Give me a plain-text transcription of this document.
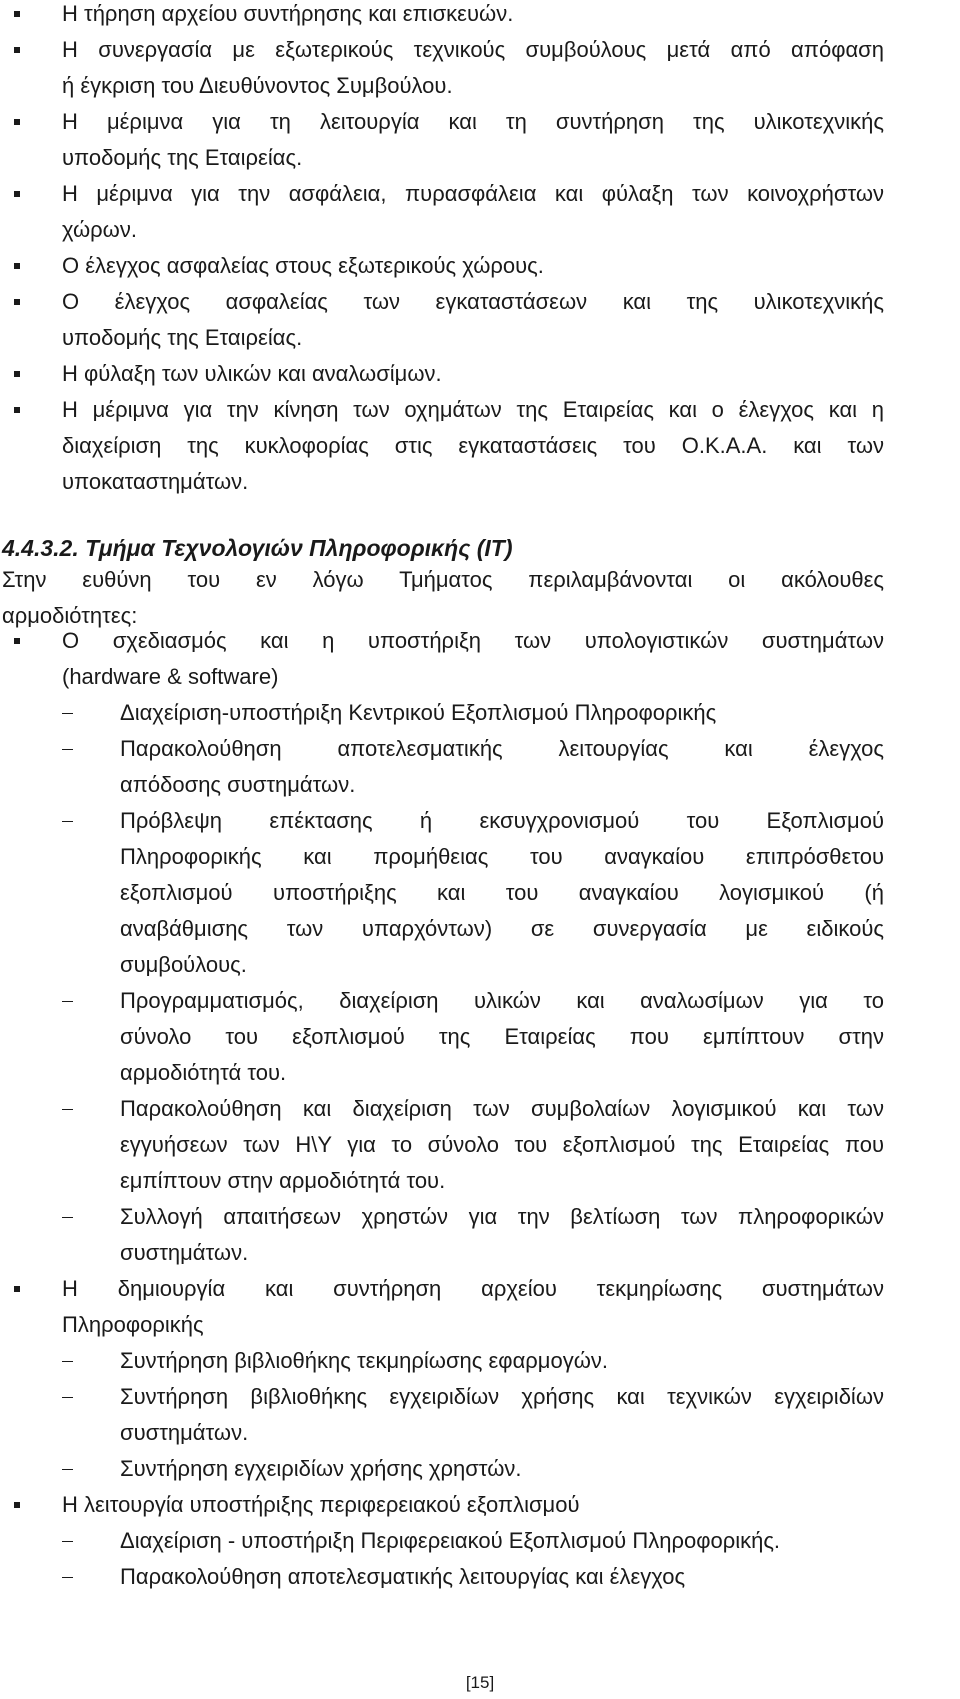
Η τήρηση αρχείου συντήρησης και επισκευών.
Η συνεργασία με εξωτερικούς τεχνικούς συμβούλους μετά από απόφαση
ή έγκριση του Διευθύνοντος Συμβούλου.
Η μέριμνα για τη λειτουργία και τη συντήρηση της υλικοτεχνικής
υποδομής της Εταιρείας.
Η μέριμνα για την ασφάλεια, πυρασφάλεια και φύλαξη των κοινοχρήστων
χώρων.
Ο έλεγχος ασφαλείας στους εξωτερικούς χώρους.
Ο έλεγχος ασφαλείας των εγκαταστάσεων και της υλικοτεχνικής
υποδομής της Εταιρείας.
Η φύλαξη των υλικών και αναλωσίμων.
Η μέριμνα για την κίνηση των οχημάτων της Εταιρείας και ο έλεγχος και η
διαχείριση της κυκλοφορίας στις εγκαταστάσεις του Ο.Κ.Α.Α. και των
υποκαταστημάτων.
4.4.3.2. Τμήμα Τεχνολογιών Πληροφορικής (IT)
Στην ευθύνη του εν λόγω Τμήματος περιλαμβάνονται οι ακόλουθες
αρμοδιότητες:
Ο σχεδιασμός και η υποστήριξη των υπολογιστικών συστημάτων
(hardware & software)
Διαχείριση-υποστήριξη Κεντρικού Εξοπλισμού Πληροφορικής
Παρακολούθηση αποτελεσματικής λειτουργίας και έλεγχος
απόδοσης συστημάτων.
Πρόβλεψη επέκτασης ή εκσυγχρονισμού του Εξοπλισμού
Πληροφορικής και προμήθειας του αναγκαίου επιπρόσθετου
εξοπλισμού υποστήριξης και του αναγκαίου λογισμικού (ή
αναβάθμισης των υπαρχόντων) σε συνεργασία με ειδικούς
συμβούλους.
Προγραμματισμός, διαχείριση υλικών και αναλωσίμων για το
σύνολο του εξοπλισμού της Εταιρείας που εμπίπτουν στην
αρμοδιότητά του.
Παρακολούθηση και διαχείριση των συμβολαίων λογισμικού και των
εγγυήσεων των Η\Υ για το σύνολο του εξοπλισμού της Εταιρείας που
εμπίπτουν στην αρμοδιότητά του.
Συλλογή απαιτήσεων χρηστών για την βελτίωση των πληροφορικών
συστημάτων.
Η δημιουργία και συντήρηση αρχείου τεκμηρίωσης συστημάτων
Πληροφορικής
Συντήρηση βιβλιοθήκης τεκμηρίωσης εφαρμογών.
Συντήρηση βιβλιοθήκης εγχειριδίων χρήσης και τεχνικών εγχειριδίων
συστημάτων.
Συντήρηση εγχειριδίων χρήσης χρηστών.
Η λειτουργία υποστήριξης περιφερειακού εξοπλισμού
Διαχείριση - υποστήριξη Περιφερειακού Εξοπλισμού Πληροφορικής.
Παρακολούθηση αποτελεσματικής λειτουργίας και έλεγχος
[15]
